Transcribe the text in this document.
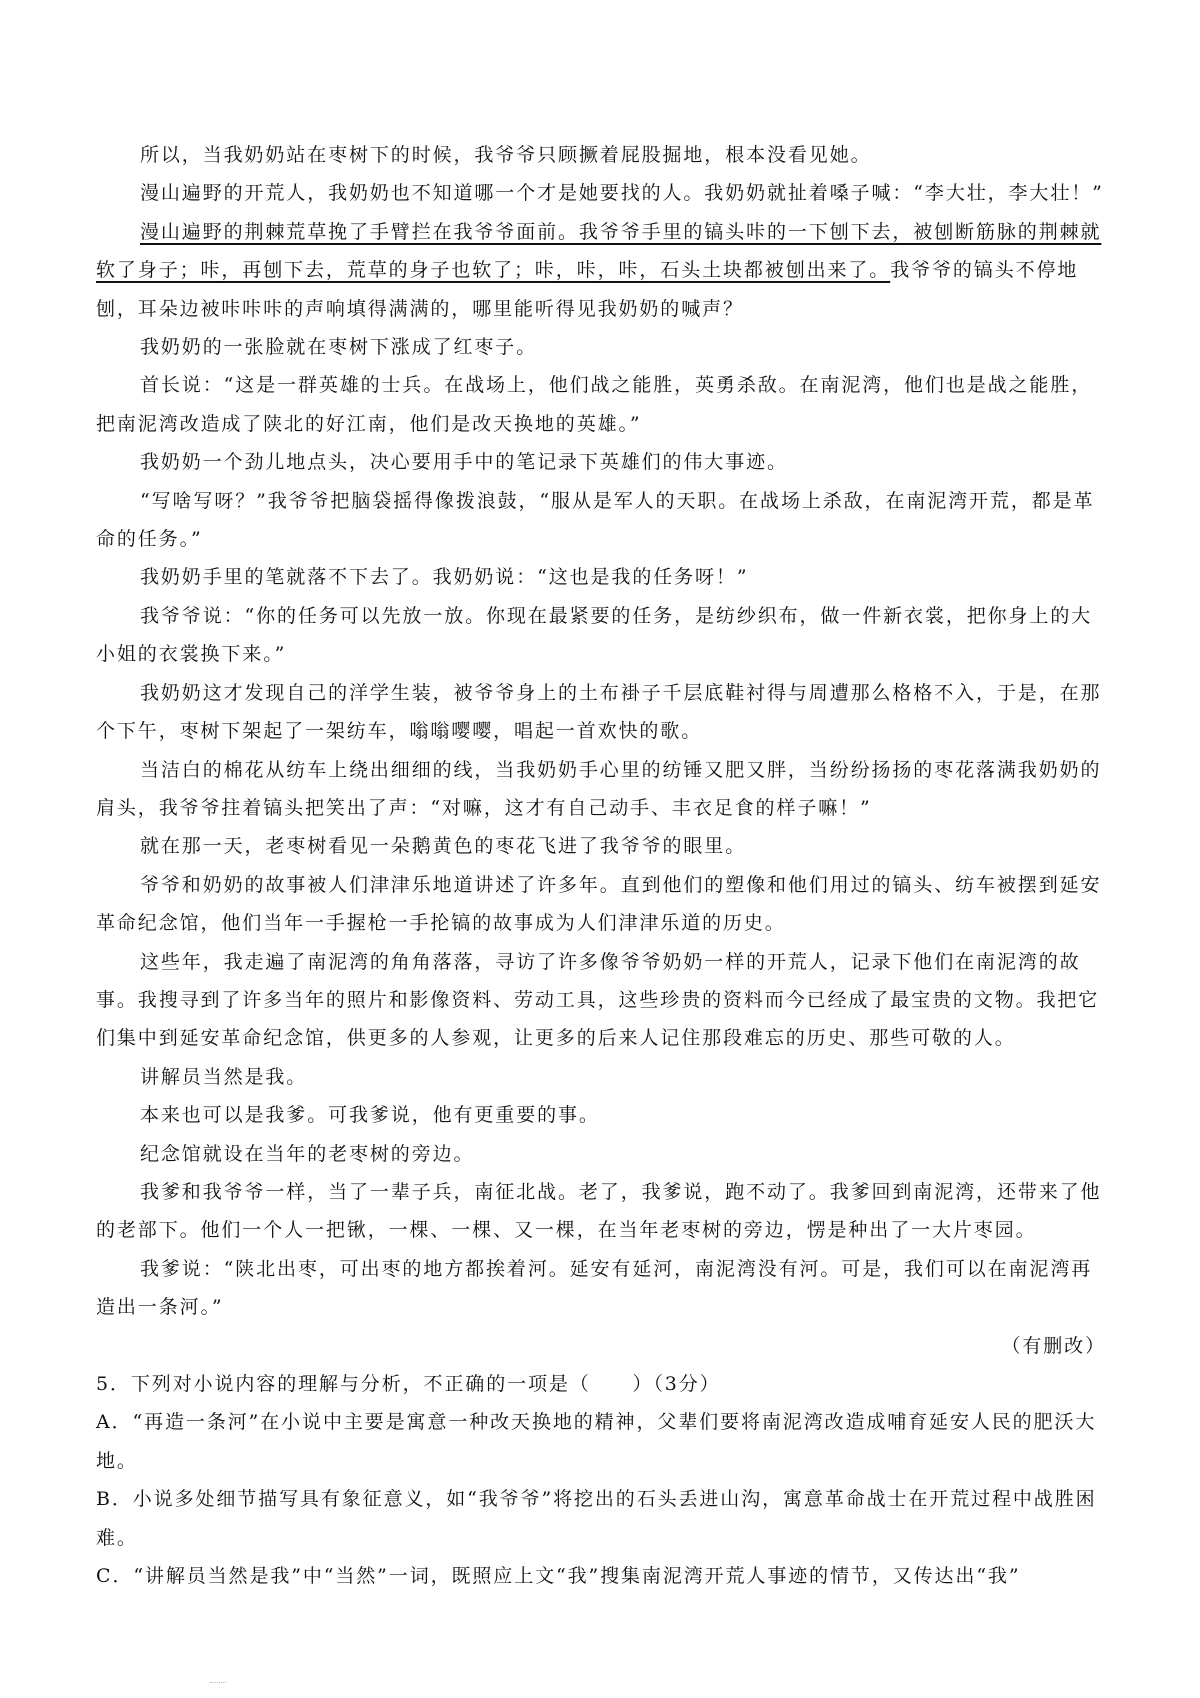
所以，当我奶奶站在枣树下的时候，我爷爷只顾撅着屁股掘地，根本没看见她。

漫山遍野的开荒人，我奶奶也不知道哪一个才是她要找的人。我奶奶就扯着嗓子喊：“李大壮，李大壮！”

漫山遍野的荆棘荒草挽了手臂拦在我爷爷面前。我爷爷手里的镐头咔的一下刨下去，被刨断筋脉的荆棘就软了身子；咔，再刨下去，荒草的身子也软了；咔，咔，咔，石头土块都被刨出来了。我爷爷的镐头不停地刨，耳朵边被咔咔咔的声响填得满满的，哪里能听得见我奶奶的喊声？

我奶奶的一张脸就在枣树下涨成了红枣子。

首长说：“这是一群英雄的士兵。在战场上，他们战之能胜，英勇杀敌。在南泥湾，他们也是战之能胜，把南泥湾改造成了陕北的好江南，他们是改天换地的英雄。”

我奶奶一个劲儿地点头，决心要用手中的笔记录下英雄们的伟大事迹。

“写啥写呀？”我爷爷把脑袋摇得像拨浪鼓，“服从是军人的天职。在战场上杀敌，在南泥湾开荒，都是革命的任务。”

我奶奶手里的笔就落不下去了。我奶奶说：“这也是我的任务呀！”

我爷爷说：“你的任务可以先放一放。你现在最紧要的任务，是纺纱织布，做一件新衣裳，把你身上的大小姐的衣裳换下来。”

我奶奶这才发现自己的洋学生装，被爷爷身上的土布褂子千层底鞋衬得与周遭那么格格不入，于是，在那个下午，枣树下架起了一架纺车，嗡嗡嘤嘤，唱起一首欢快的歌。

当洁白的棉花从纺车上绕出细细的线，当我奶奶手心里的纺锤又肥又胖，当纷纷扬扬的枣花落满我奶奶的肩头，我爷爷拄着镐头把笑出了声：“对嘛，这才有自己动手、丰衣足食的样子嘛！”

就在那一天，老枣树看见一朵鹅黄色的枣花飞进了我爷爷的眼里。

爷爷和奶奶的故事被人们津津乐地道讲述了许多年。直到他们的塑像和他们用过的镐头、纺车被摆到延安革命纪念馆，他们当年一手握枪一手抡镐的故事成为人们津津乐道的历史。

这些年，我走遍了南泥湾的角角落落，寻访了许多像爷爷奶奶一样的开荒人，记录下他们在南泥湾的故事。我搜寻到了许多当年的照片和影像资料、劳动工具，这些珍贵的资料而今已经成了最宝贵的文物。我把它们集中到延安革命纪念馆，供更多的人参观，让更多的后来人记住那段难忘的历史、那些可敬的人。

讲解员当然是我。

本来也可以是我爹。可我爹说，他有更重要的事。

纪念馆就设在当年的老枣树的旁边。

我爹和我爷爷一样，当了一辈子兵，南征北战。老了，我爹说，跑不动了。我爹回到南泥湾，还带来了他的老部下。他们一个人一把锹，一棵、一棵、又一棵，在当年老枣树的旁边，愣是种出了一大片枣园。

我爹说：“陕北出枣，可出枣的地方都挨着河。延安有延河，南泥湾没有河。可是，我们可以在南泥湾再造出一条河。”

（有删改）

5．下列对小说内容的理解与分析，不正确的一项是（　　）（3分）

A．“再造一条河”在小说中主要是寓意一种改天换地的精神，父辈们要将南泥湾改造成哺育延安人民的肥沃大地。

B．小说多处细节描写具有象征意义，如“我爷爷”将挖出的石头丢进山沟，寓意革命战士在开荒过程中战胜困难。

C．“讲解员当然是我”中“当然”一词，既照应上文“我”搜集南泥湾开荒人事迹的情节，又传达出“我”
